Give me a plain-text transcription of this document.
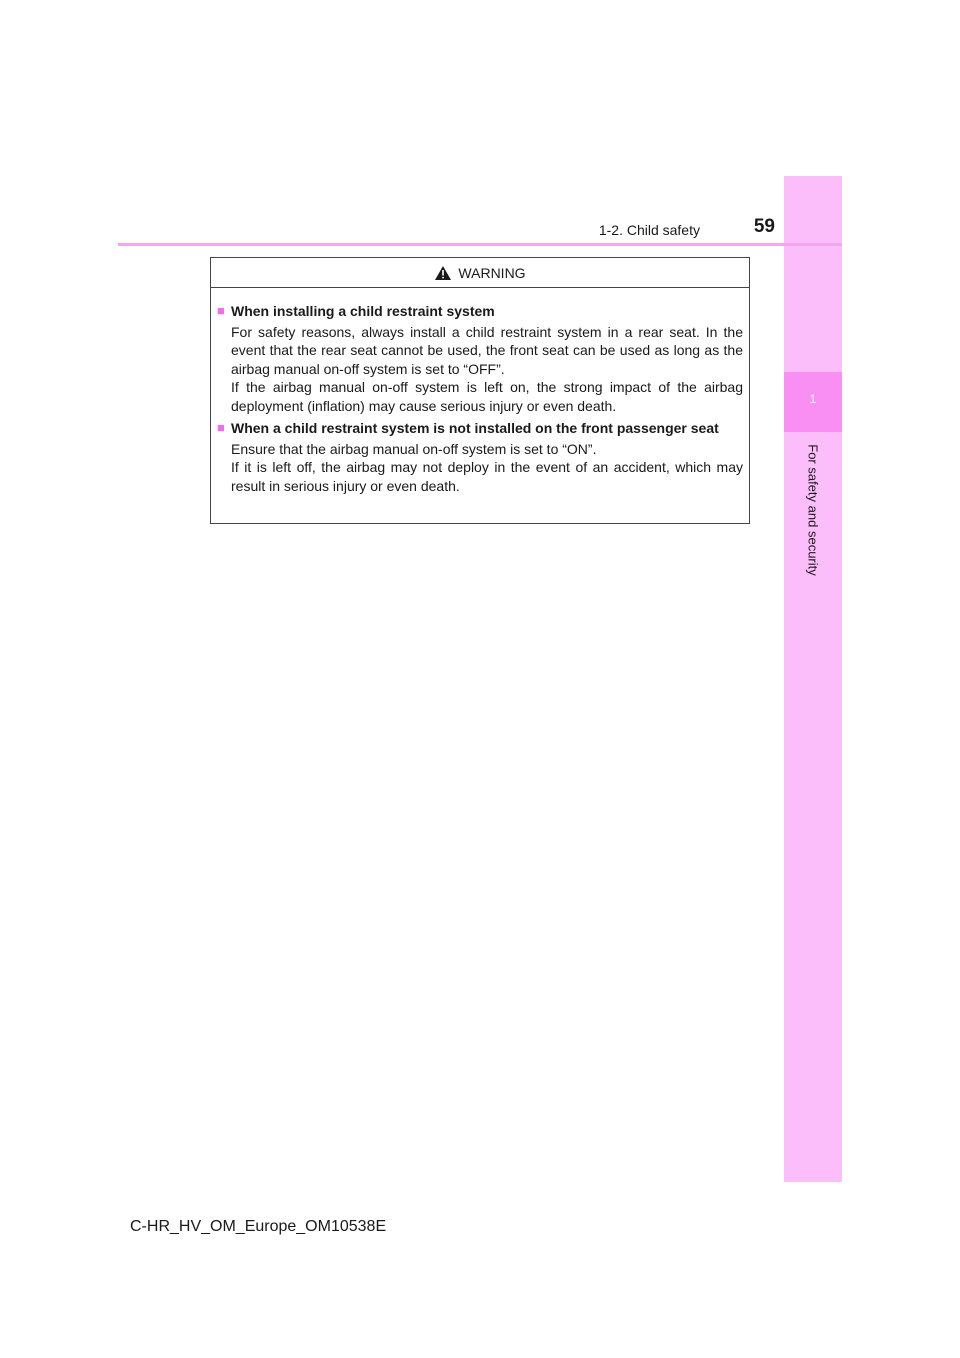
1
For safety and security
1-2. Child safety	59
WARNING
■ When installing a child restraint system

For safety reasons, always install a child restraint system in a rear seat. In the event that the rear seat cannot be used, the front seat can be used as long as the airbag manual on-off system is set to “OFF”.

If the airbag manual on-off system is left on, the strong impact of the airbag deployment (inflation) may cause serious injury or even death.

■ When a child restraint system is not installed on the front passenger seat

Ensure that the airbag manual on-off system is set to “ON”.

If it is left off, the airbag may not deploy in the event of an accident, which may result in serious injury or even death.

C-HR_HV_OM_Europe_OM10538E
